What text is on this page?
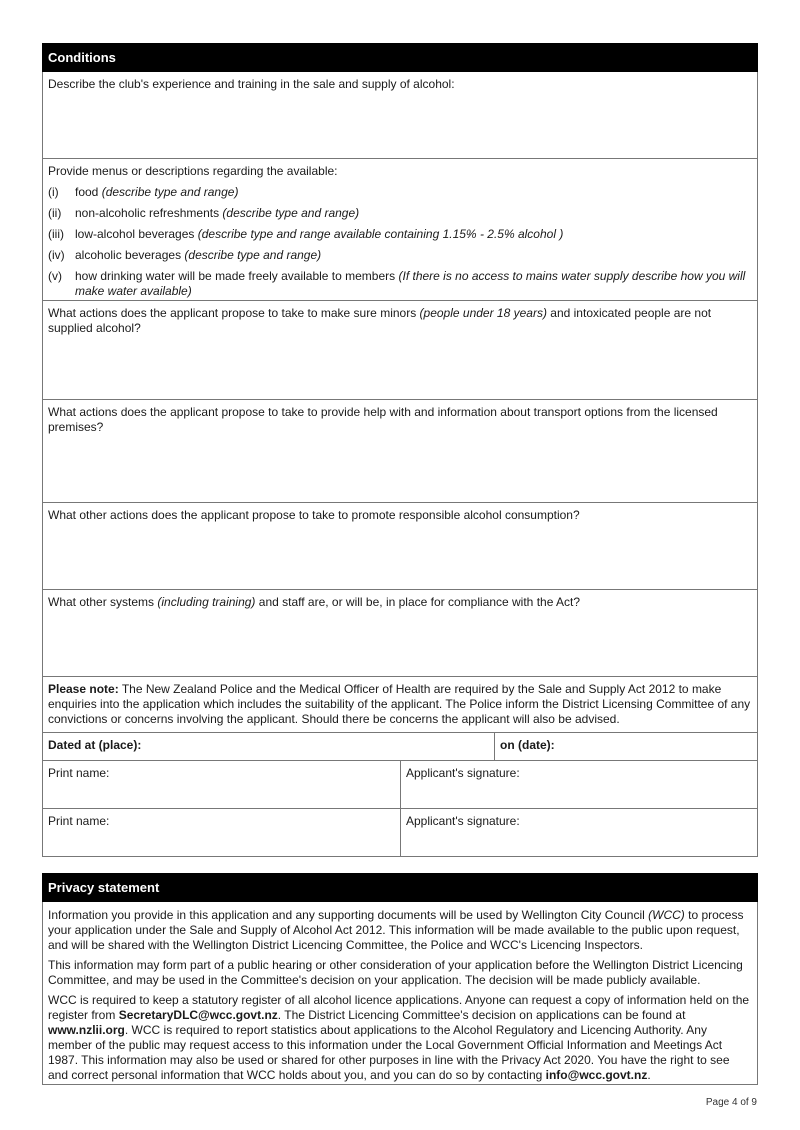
Conditions
Describe the club's experience and training in the sale and supply of alcohol:
Provide menus or descriptions regarding the available:
(i)	food (describe type and range)
(ii)	non-alcoholic refreshments (describe type and range)
(iii) low-alcohol beverages (describe type and range available containing 1.15% - 2.5% alcohol )
(iv) alcoholic beverages (describe type and range)
(v)	how drinking water will be made freely available to members (If there is no access to mains water supply describe how you will make water available)
What actions does the applicant propose to take to make sure minors (people under 18 years) and intoxicated people are not supplied alcohol?
What actions does the applicant propose to take to provide help with and information about transport options from the licensed premises?
What other actions does the applicant propose to take to promote responsible alcohol consumption?
What other systems (including training) and staff are, or will be, in place for compliance with the Act?
Please note: The New Zealand Police and the Medical Officer of Health are required by the Sale and Supply Act 2012 to make enquiries into the application which includes the suitability of the applicant. The Police inform the District Licensing Committee of any convictions or concerns involving the applicant. Should there be concerns the applicant will also be advised.
Dated at (place):	on (date):
Print name:	Applicant's signature:
Print name:	Applicant's signature:
Privacy statement

Information you provide in this application and any supporting documents will be used by Wellington City Council (WCC) to process your application under the Sale and Supply of Alcohol Act 2012. This information will be made available to the public upon request, and will be shared with the Wellington District Licencing Committee, the Police and WCC's Licencing Inspectors.

This information may form part of a public hearing or other consideration of your application before the Wellington District Licencing Committee, and may be used in the Committee's decision on your application. The decision will be made publicly available.

WCC is required to keep a statutory register of all alcohol licence applications. Anyone can request a copy of information held on the register from SecretaryDLC@wcc.govt.nz. The District Licencing Committee's decision on applications can be found at www.nzlii.org. WCC is required to report statistics about applications to the Alcohol Regulatory and Licencing Authority. Any member of the public may request access to this information under the Local Government Official Information and Meetings Act 1987. This information may also be used or shared for other purposes in line with the Privacy Act 2020. You have the right to see and correct personal information that WCC holds about you, and you can do so by contacting info@wcc.govt.nz.

Page 4 of 9
